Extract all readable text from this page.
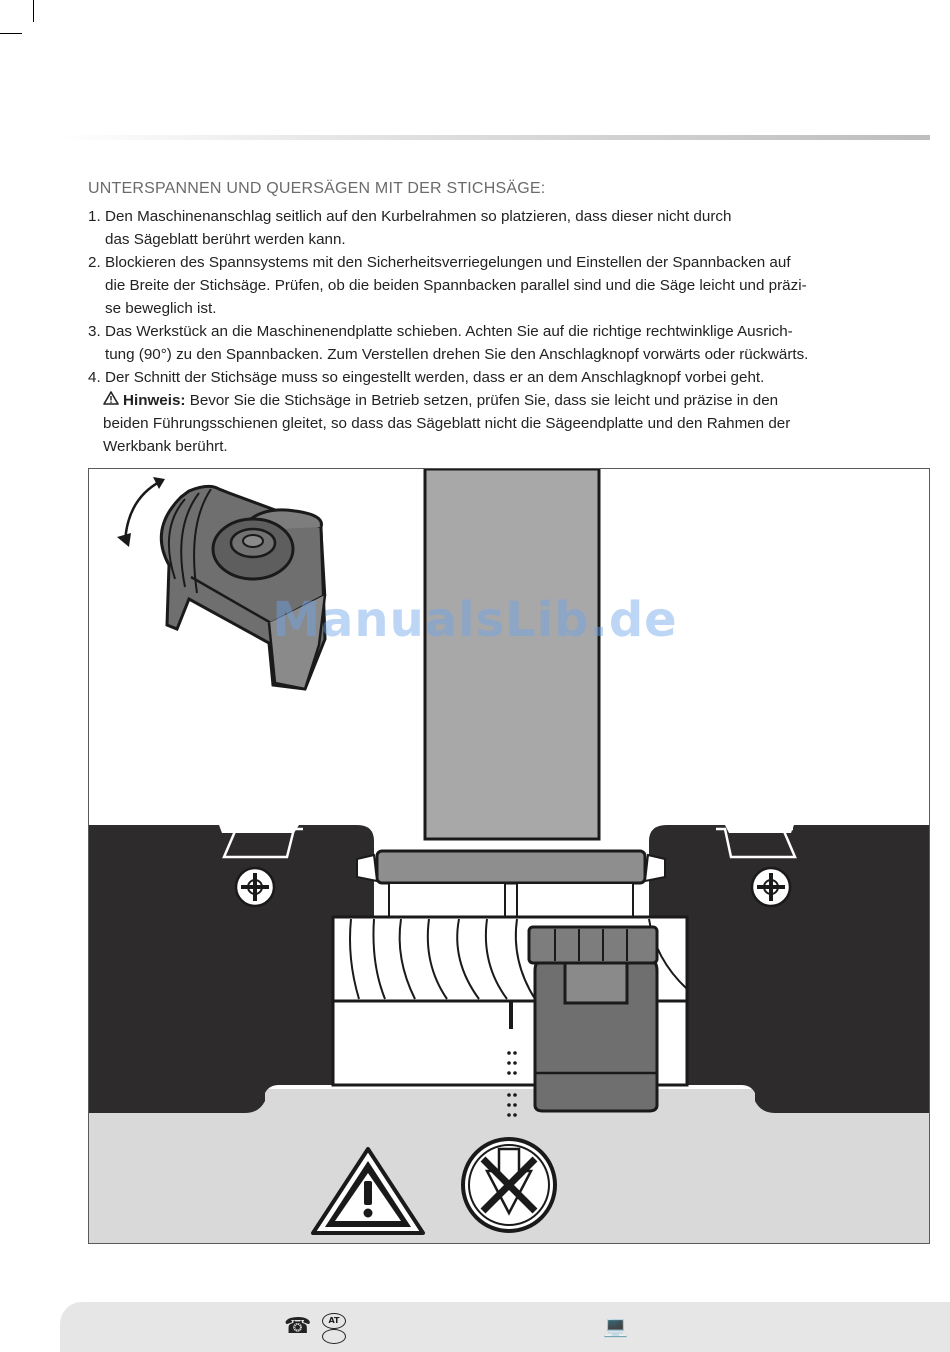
UNTERSPANNEN UND QUERSÄGEN MIT DER STICHSÄGE:
1. Den Maschinenanschlag seitlich auf den Kurbelrahmen so platzieren, dass dieser nicht durch
das Sägeblatt berührt werden kann.
2. Blockieren des Spannsystems mit den Sicherheitsverriegelungen und Einstellen der Spannbacken auf
die Breite der Stichsäge. Prüfen, ob die beiden Spannbacken parallel sind und die Säge leicht und präzi-
se beweglich ist.
3. Das Werkstück an die Maschinenendplatte schieben. Achten Sie auf die richtige rechtwinklige Ausrich-
tung (90°) zu den Spannbacken. Zum Verstellen drehen Sie den Anschlagknopf vorwärts oder rückwärts.
4. Der Schnitt der Stichsäge muss so eingestellt werden, dass er an dem Anschlagknopf vorbei geht.
Hinweis: Bevor Sie die Stichsäge in Betrieb setzen, prüfen Sie, dass sie leicht und präzise in den
beiden Führungsschienen gleitet, so dass das Sägeblatt nicht die Sägeendplatte und den Rahmen der
Werkbank berührt.
ManualsLib.de
☎	AT	💻
